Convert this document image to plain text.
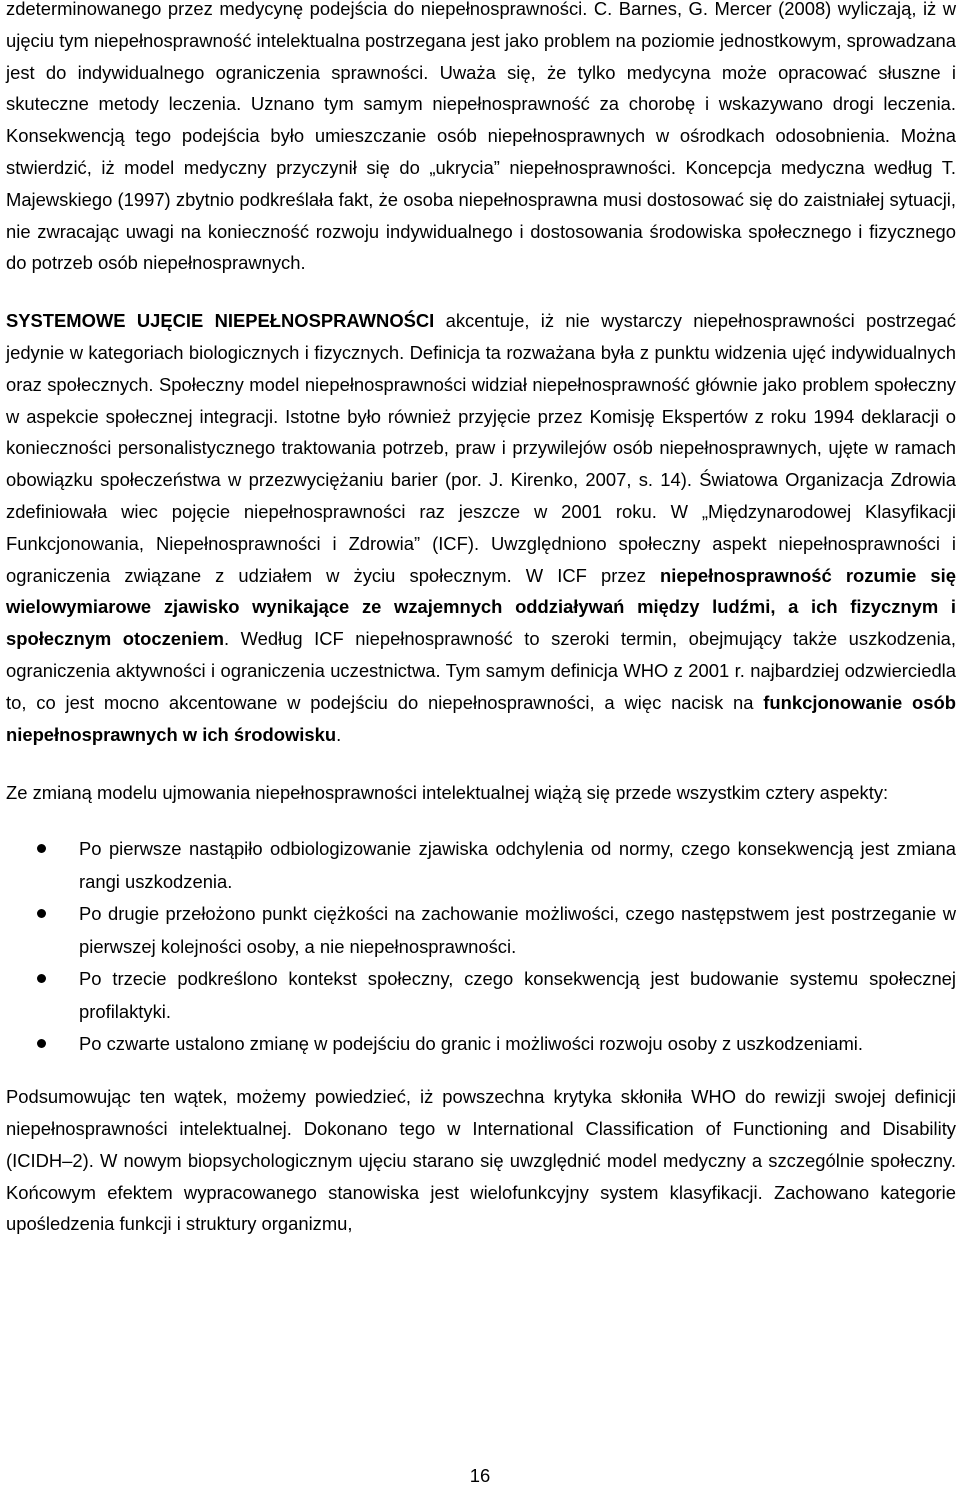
zdeterminowanego przez medycynę podejścia do niepełnosprawności. C. Barnes, G. Mercer (2008) wyliczają, iż w ujęciu tym niepełnosprawność intelektualna postrzegana jest jako problem na poziomie jednostkowym, sprowadzana jest do indywidualnego ograniczenia sprawności. Uważa się, że tylko medycyna może opracować słuszne i skuteczne metody leczenia. Uznano tym samym niepełnosprawność za chorobę i wskazywano drogi leczenia. Konsekwencją tego podejścia było umieszczanie osób niepełnosprawnych w ośrodkach odosobnienia. Można stwierdzić, iż model medyczny przyczynił się do „ukrycia” niepełnosprawności. Koncepcja medyczna według T. Majewskiego (1997) zbytnio podkreślała fakt, że osoba niepełnosprawna musi dostosować się do zaistniałej sytuacji, nie zwracając uwagi na konieczność rozwoju indywidualnego i dostosowania środowiska społecznego i fizycznego do potrzeb osób niepełnosprawnych.

SYSTEMOWE UJĘCIE NIEPEŁNOSPRAWNOŚCI akcentuje, iż nie wystarczy niepełnosprawności postrzegać jedynie w kategoriach biologicznych i fizycznych. Definicja ta rozważana była z punktu widzenia ujęć indywidualnych oraz społecznych. Społeczny model niepełnosprawności widział niepełnosprawność głównie jako problem społeczny w aspekcie społecznej integracji. Istotne było również przyjęcie przez Komisję Ekspertów z roku 1994 deklaracji o konieczności personalistycznego traktowania potrzeb, praw i przywilejów osób niepełnosprawnych, ujęte w ramach obowiązku społeczeństwa w przezwyciężaniu barier (por. J. Kirenko, 2007, s. 14). Światowa Organizacja Zdrowia zdefiniowała wiec pojęcie niepełnosprawności raz jeszcze w 2001 roku. W „Międzynarodowej Klasyfikacji Funkcjonowania, Niepełnosprawności i Zdrowia” (ICF). Uwzględniono społeczny aspekt niepełnosprawności i ograniczenia związane z udziałem w życiu społecznym. W ICF przez niepełnosprawność rozumie się wielowymiarowe zjawisko wynikające ze wzajemnych oddziaływań między ludźmi, a ich fizycznym i społecznym otoczeniem. Według ICF niepełnosprawność to szeroki termin, obejmujący także uszkodzenia, ograniczenia aktywności i ograniczenia uczestnictwa. Tym samym definicja WHO z 2001 r. najbardziej odzwierciedla to, co jest mocno akcentowane w podejściu do niepełnosprawności, a więc nacisk na funkcjonowanie osób niepełnosprawnych w ich środowisku.

Ze zmianą modelu ujmowania niepełnosprawności intelektualnej wiążą się przede wszystkim cztery aspekty:

Po pierwsze nastąpiło odbiologizowanie zjawiska odchylenia od normy, czego konsekwencją jest zmiana rangi uszkodzenia.
Po drugie przełożono punkt ciężkości na zachowanie możliwości, czego następstwem jest postrzeganie w pierwszej kolejności osoby, a nie niepełnosprawności.
Po trzecie podkreślono kontekst społeczny, czego konsekwencją jest budowanie systemu społecznej profilaktyki.
Po czwarte ustalono zmianę w podejściu do granic i możliwości rozwoju osoby z uszkodzeniami.

Podsumowując ten wątek, możemy powiedzieć, iż powszechna krytyka skłoniła WHO do rewizji swojej definicji niepełnosprawności intelektualnej. Dokonano tego w International Classification of Functioning and Disability (ICIDH–2). W nowym biopsychologicznym ujęciu starano się uwzględnić model medyczny a szczególnie społeczny. Końcowym efektem wypracowanego stanowiska jest wielofunkcyjny system klasyfikacji. Zachowano kategorie upośledzenia funkcji i struktury organizmu,

16
